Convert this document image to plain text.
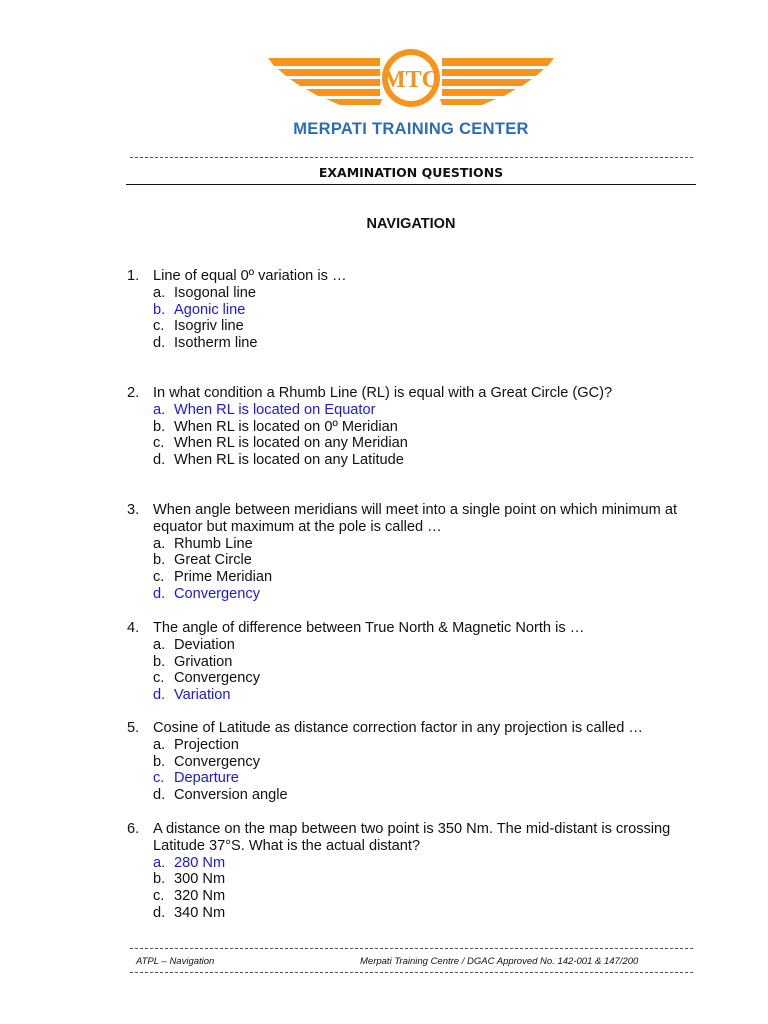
MTC
MERPATI TRAINING CENTER
EXAMINATION QUESTIONS
NAVIGATION
1. Line of equal 0º variation is …
a. Isogonal line
b. Agonic line
c. Isogriv line
d. Isotherm line
2. In what condition a Rhumb Line (RL) is equal with a Great Circle (GC)?
a. When RL is located on Equator
b. When RL is located on 0º Meridian
c. When RL is located on any Meridian
d. When RL is located on any Latitude
3. When angle between meridians will meet into a single point on which minimum at equator but maximum at the pole is called …
a. Rhumb Line
b. Great Circle
c. Prime Meridian
d. Convergency
4. The angle of difference between True North & Magnetic North is …
a. Deviation
b. Grivation
c. Convergency
d. Variation
5. Cosine of Latitude as distance correction factor in any projection is called …
a. Projection
b. Convergency
c. Departure
d. Conversion angle
6. A distance on the map between two point is 350 Nm. The mid-distant is crossing Latitude 37°S. What is the actual distant?
a. 280 Nm
b. 300 Nm
c. 320 Nm
d. 340 Nm
ATPL – Navigation	Merpati Training Centre / DGAC Approved No. 142-001 & 147/200
